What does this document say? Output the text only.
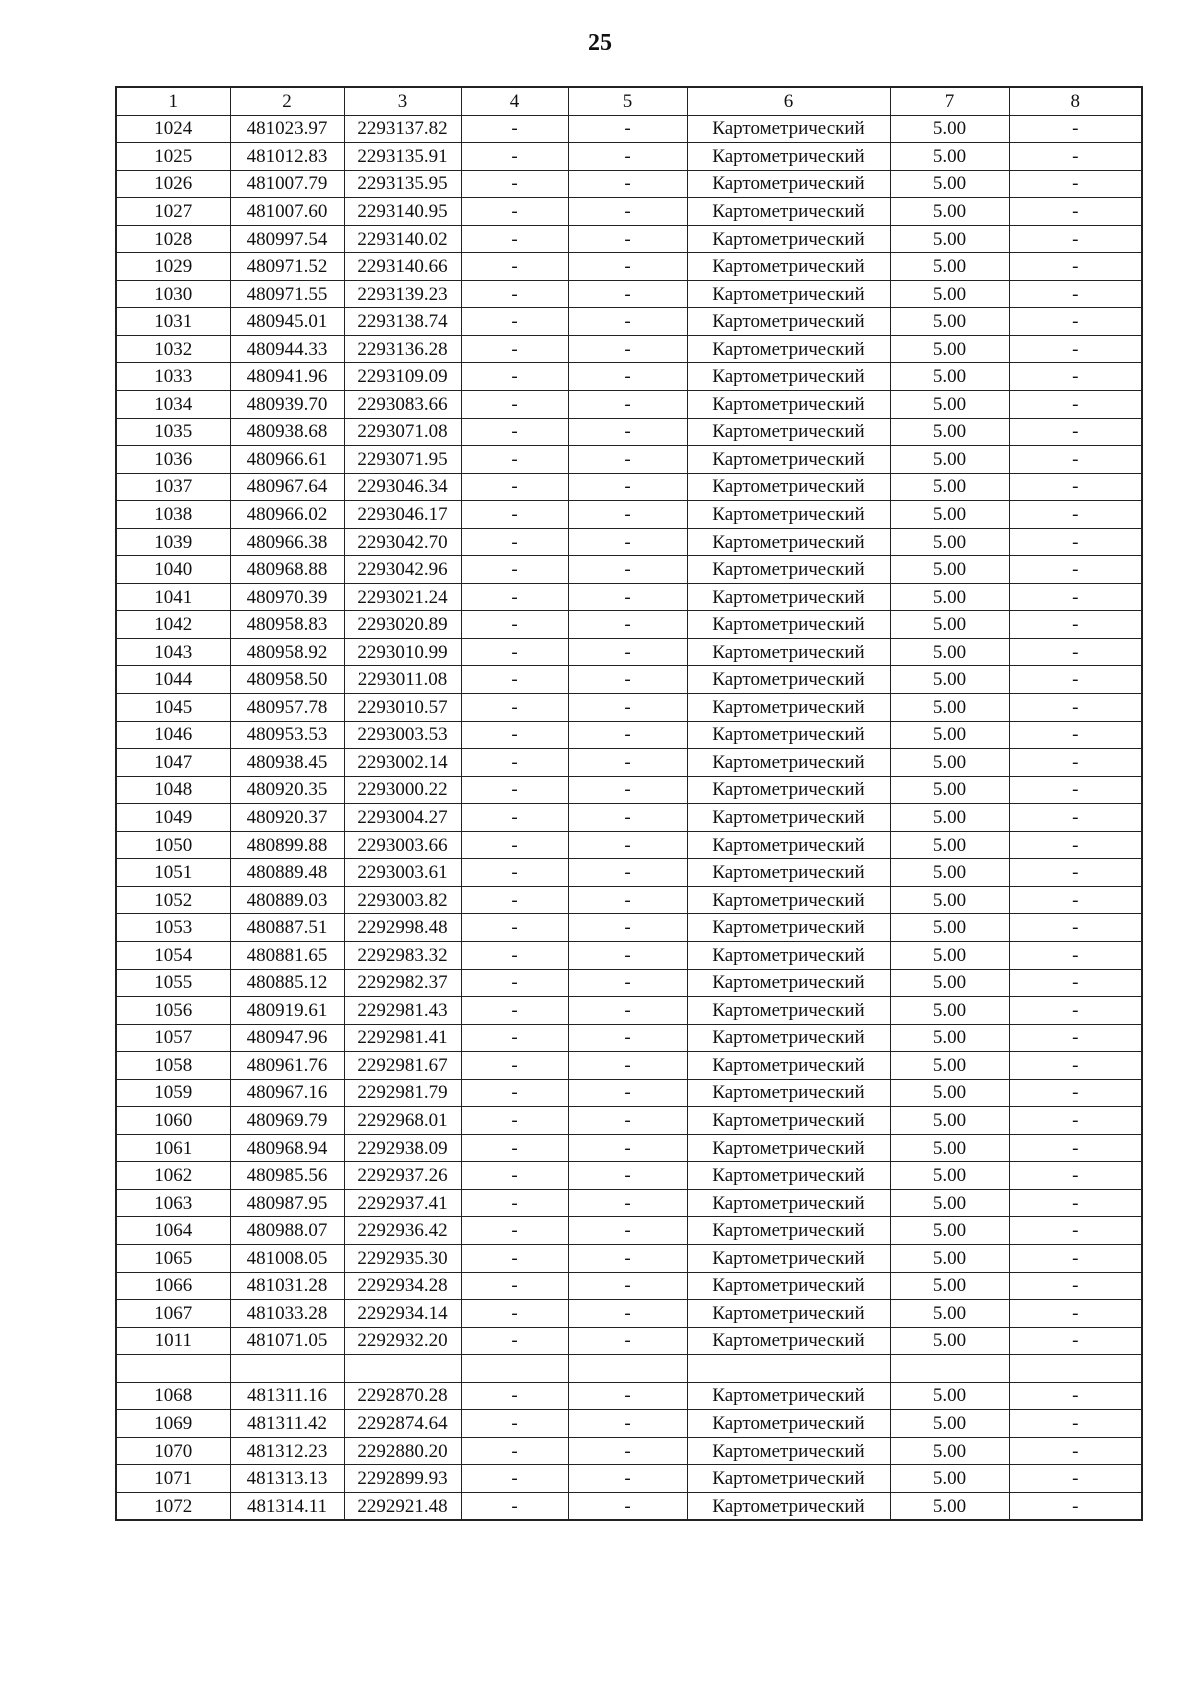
25
1	2	3	4	5	6	7	8
1024	481023.97	2293137.82	-	-	Картометрический	5.00	-
1025	481012.83	2293135.91	-	-	Картометрический	5.00	-
1026	481007.79	2293135.95	-	-	Картометрический	5.00	-
1027	481007.60	2293140.95	-	-	Картометрический	5.00	-
1028	480997.54	2293140.02	-	-	Картометрический	5.00	-
1029	480971.52	2293140.66	-	-	Картометрический	5.00	-
1030	480971.55	2293139.23	-	-	Картометрический	5.00	-
1031	480945.01	2293138.74	-	-	Картометрический	5.00	-
1032	480944.33	2293136.28	-	-	Картометрический	5.00	-
1033	480941.96	2293109.09	-	-	Картометрический	5.00	-
1034	480939.70	2293083.66	-	-	Картометрический	5.00	-
1035	480938.68	2293071.08	-	-	Картометрический	5.00	-
1036	480966.61	2293071.95	-	-	Картометрический	5.00	-
1037	480967.64	2293046.34	-	-	Картометрический	5.00	-
1038	480966.02	2293046.17	-	-	Картометрический	5.00	-
1039	480966.38	2293042.70	-	-	Картометрический	5.00	-
1040	480968.88	2293042.96	-	-	Картометрический	5.00	-
1041	480970.39	2293021.24	-	-	Картометрический	5.00	-
1042	480958.83	2293020.89	-	-	Картометрический	5.00	-
1043	480958.92	2293010.99	-	-	Картометрический	5.00	-
1044	480958.50	2293011.08	-	-	Картометрический	5.00	-
1045	480957.78	2293010.57	-	-	Картометрический	5.00	-
1046	480953.53	2293003.53	-	-	Картометрический	5.00	-
1047	480938.45	2293002.14	-	-	Картометрический	5.00	-
1048	480920.35	2293000.22	-	-	Картометрический	5.00	-
1049	480920.37	2293004.27	-	-	Картометрический	5.00	-
1050	480899.88	2293003.66	-	-	Картометрический	5.00	-
1051	480889.48	2293003.61	-	-	Картометрический	5.00	-
1052	480889.03	2293003.82	-	-	Картометрический	5.00	-
1053	480887.51	2292998.48	-	-	Картометрический	5.00	-
1054	480881.65	2292983.32	-	-	Картометрический	5.00	-
1055	480885.12	2292982.37	-	-	Картометрический	5.00	-
1056	480919.61	2292981.43	-	-	Картометрический	5.00	-
1057	480947.96	2292981.41	-	-	Картометрический	5.00	-
1058	480961.76	2292981.67	-	-	Картометрический	5.00	-
1059	480967.16	2292981.79	-	-	Картометрический	5.00	-
1060	480969.79	2292968.01	-	-	Картометрический	5.00	-
1061	480968.94	2292938.09	-	-	Картометрический	5.00	-
1062	480985.56	2292937.26	-	-	Картометрический	5.00	-
1063	480987.95	2292937.41	-	-	Картометрический	5.00	-
1064	480988.07	2292936.42	-	-	Картометрический	5.00	-
1065	481008.05	2292935.30	-	-	Картометрический	5.00	-
1066	481031.28	2292934.28	-	-	Картометрический	5.00	-
1067	481033.28	2292934.14	-	-	Картометрический	5.00	-
1011	481071.05	2292932.20	-	-	Картометрический	5.00	-

1068	481311.16	2292870.28	-	-	Картометрический	5.00	-
1069	481311.42	2292874.64	-	-	Картометрический	5.00	-
1070	481312.23	2292880.20	-	-	Картометрический	5.00	-
1071	481313.13	2292899.93	-	-	Картометрический	5.00	-
1072	481314.11	2292921.48	-	-	Картометрический	5.00	-
